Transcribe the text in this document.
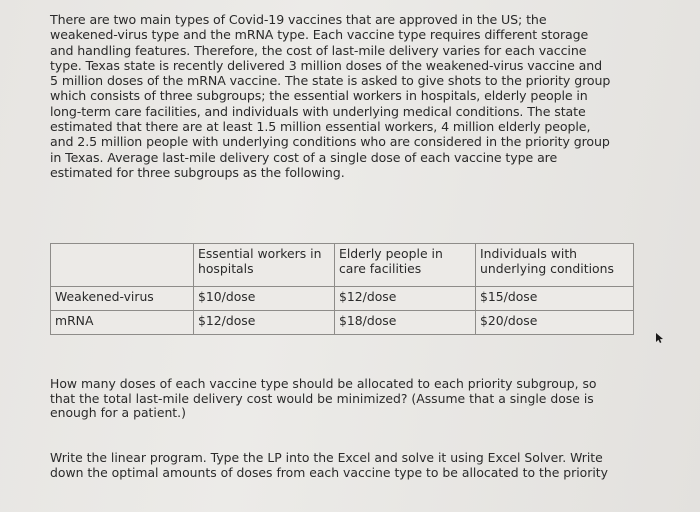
There are two main types of Covid-19 vaccines that are approved in the US; the
weakened-virus type and the mRNA type. Each vaccine type requires different storage
and handling features. Therefore, the cost of last-mile delivery varies for each vaccine
type. Texas state is recently delivered 3 million doses of the weakened-virus vaccine and
5 million doses of the mRNA vaccine. The state is asked to give shots to the priority group
which consists of three subgroups; the essential workers in hospitals, elderly people in
long-term care facilities, and individuals with underlying medical conditions. The state
estimated that there are at least 1.5 million essential workers, 4 million elderly people,
and 2.5 million people with underlying conditions who are considered in the priority group
in Texas. Average last-mile delivery cost of a single dose of each vaccine type are
estimated for three subgroups as the following.
	Essential workers in hospitals	Elderly people in care facilities	Individuals with underlying conditions
Weakened-virus	$10/dose	$12/dose	$15/dose
mRNA	$12/dose	$18/dose	$20/dose
How many doses of each vaccine type should be allocated to each priority subgroup, so that the total last-mile delivery cost would be minimized? (Assume that a single dose is enough for a patient.)
Write the linear program. Type the LP into the Excel and solve it using Excel Solver. Write down the optimal amounts of doses from each vaccine type to be allocated to the priority
